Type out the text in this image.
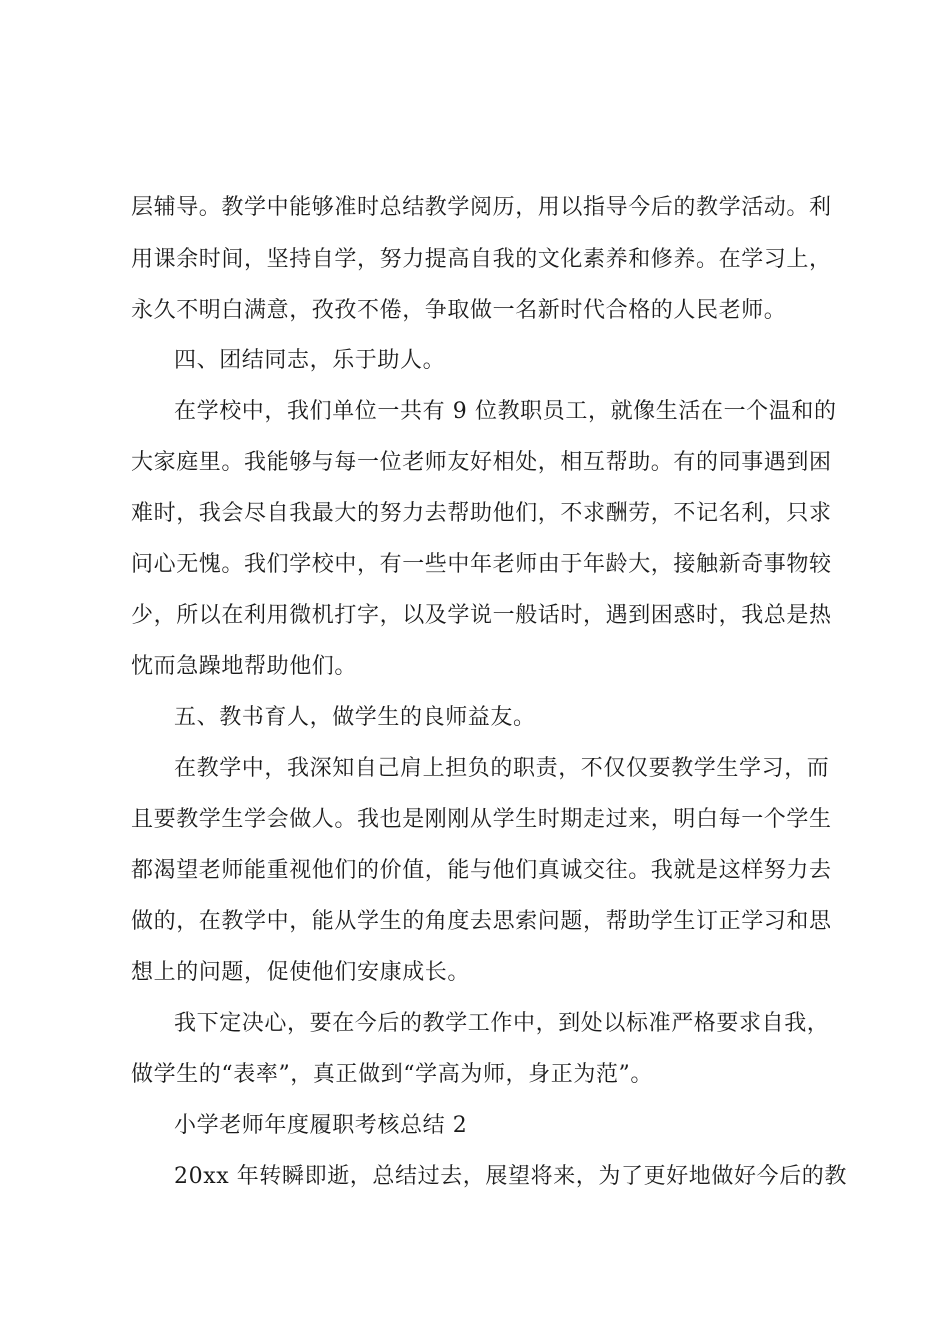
层辅导。教学中能够准时总结教学阅历，用以指导今后的教学活动。利
用课余时间，坚持自学，努力提高自我的文化素养和修养。在学习上，
永久不明白满意，孜孜不倦，争取做一名新时代合格的人民老师。
四、团结同志，乐于助人。
在学校中，我们单位一共有 9 位教职员工，就像生活在一个温和的
大家庭里。我能够与每一位老师友好相处，相互帮助。有的同事遇到困
难时，我会尽自我最大的努力去帮助他们，不求酬劳，不记名利，只求
问心无愧。我们学校中，有一些中年老师由于年龄大，接触新奇事物较
少，所以在利用微机打字，以及学说一般话时，遇到困惑时，我总是热
忱而急躁地帮助他们。
五、教书育人，做学生的良师益友。
在教学中，我深知自己肩上担负的职责，不仅仅要教学生学习，而
且要教学生学会做人。我也是刚刚从学生时期走过来，明白每一个学生
都渴望老师能重视他们的价值，能与他们真诚交往。我就是这样努力去
做的，在教学中，能从学生的角度去思索问题，帮助学生订正学习和思
想上的问题，促使他们安康成长。
我下定决心，要在今后的教学工作中，到处以标准严格要求自我，
做学生的“表率”，真正做到“学高为师，身正为范”。
小学老师年度履职考核总结 2
20xx 年转瞬即逝，总结过去，展望将来，为了更好地做好今后的教
